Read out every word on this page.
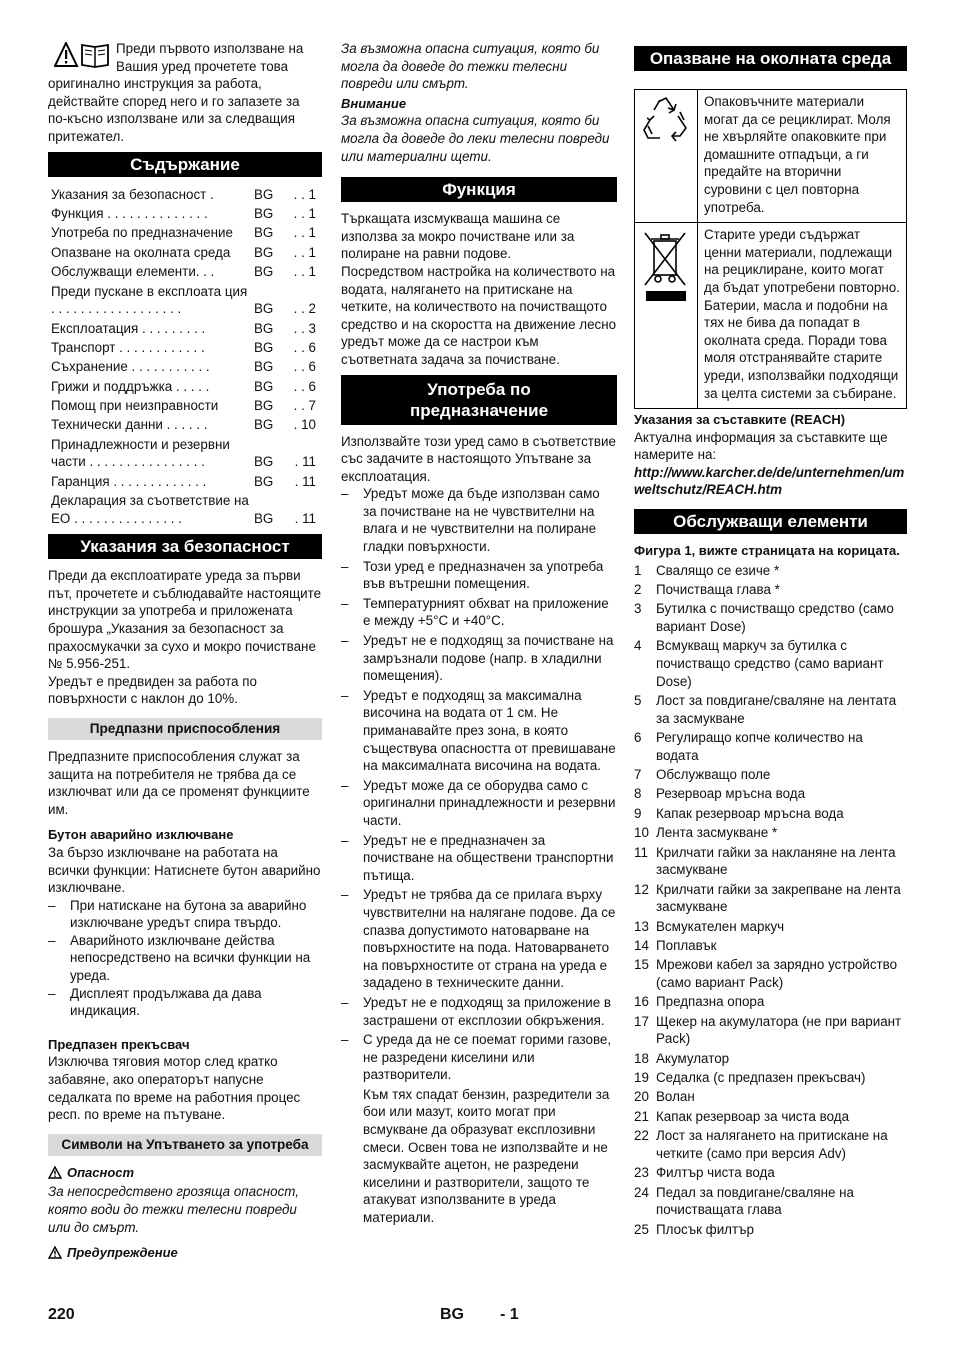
Преди първото използване на Вашия уред прочетете това оригинално инструкция за работа, действайте според него и го запазете за по-късно използване или за следващия притежател.

Съдържание
Указания за безопасност .	BG	. . 1
Функция . . . . . . . . . . . . . .	BG	. . 1
Употреба по предназначение	BG	. . 1
Опазване на околната среда	BG	. . 1
Обслужващи елементи. . .	BG	. . 1
Преди пускане в експлоата ция . . . . . . . . . . . . . . . . . .	BG	. . 2
Експлоатация . . . . . . . . .	BG	. . 3
Транспорт . . . . . . . . . . . .	BG	. . 6
Съхранение . . . . . . . . . . .	BG	. . 6
Грижи и поддръжка . . . . .	BG	. . 6
Помощ при неизправности	BG	. . 7
Технически данни . . . . . .	BG	. 10
Принадлежности и резервни части . . . . . . . . . . . . . . . .	BG	. 11
Гаранция . . . . . . . . . . . . .	BG	. 11
Декларация за съответствие на ЕО . . . . . . . . . . . . . . .	BG	. 11
Указания за безопасност

Преди да експлоатирате уреда за първи път, прочетете и съблюдавайте настоящите инструкции за употреба и приложената брошура „Указания за безопасност за прахосмукачки за сухо и мокро почистване № 5.956-251.

Уредът е предвиден за работа по повърхности с наклон до 10%.

Предпазни приспособления

Предпазните приспособления служат за защита на потребителя не трябва да се изключват или да се променят функциите им.

Бутон аварийно изключване

За бързо изключване на работата на всички функции: Натиснете бутон аварийно изключване.

– При натискане на бутона за аварийно изключване уредът спира твърдо.
– Аварийното изключване действа непосредствено на всички функции на уреда.
– Дисплеят продължава да дава индикация.
Предпазен прекъсвач

Изключва тяговия мотор след кратко забавяне, ако операторът напусне седалката по време на работния процес респ. по време на пътуване.

Символи на Упътването за употреба
Опасност

За непосредствено грозяща опасност, която води до тежки телесни повреди или до смърт.

Предупреждение

За възможна опасна ситуация, която би могла да доведе до тежки телесни повреди или смърт.

Внимание

За възможна опасна ситуация, която би могла да доведе до леки телесни повреди или материални щети.

Функция

Търкащата изсмукваща машина се използва за мокро почистване или за полиране на равни подове.

Посредством настройка на количеството на водата, налягането на притискане на четките, на количеството на почистващото средство и на скоростта на движение лесно уредът може да се настрои към съответната задача за почистване.

Употреба по предназначение

Използвайте този уред само в съответствие със задачите в настоящото Упътване за експлоатация.

– Уредът може да бъде използван само за почистване на не чувствителни на влага и не чувствителни на полиране гладки повърхности.
– Този уред е предназначен за употреба във вътрешни помещения.
– Температурният обхват на приложение е между +5°C и +40°C.
– Уредът не е подходящ за почистване на замръзнали подове (напр. в хладилни помещения).
– Уредът е подходящ за максимална височина на водата от 1 см. Не приманавайте през зона, в която съществува опасността от превишаване на максималната височина на водата.
– Уредът може да се оборудва само с оригинални принадлежности и резервни части.
– Уредът не е предназначен за почистване на обществени транспортни пътища.
– Уредът не трябва да се прилага върху чувствителни на налягане подове. Да се спазва допустимото натоварване на повърхностите на пода. Натоварването на повърхностите от страна на уреда е зададено в техническите данни.
– Уредът не е подходящ за приложение в застрашени от експлозии обкръжения.
– С уреда да не се поемат горими газове, не разредени киселини или разтворители.

Към тях спадат бензин, разредители за бои или мазут, които могат при всмукване да образуват експлозивни смеси. Освен това не използвайте и не засмуквайте ацетон, не разредени киселини и разтворители, защото те атакуват използваните в уреда материали.

Опазване на околната среда
	Опаковъчните материали могат да се рециклират. Моля не хвърляйте опаковките при домашните отпадъци, а ги предайте на вторични суровини с цел повторна употреба.
	Старите уреди съдържат ценни материали, подлежащи на рециклиране, които могат да бъдат употребени повторно. Батерии, масла и подобни на тях не бива да попадат в околната среда. Поради това моля отстранявайте старите уреди, използвайки подходящи за целта системи за събиране.
Указания за съставките (REACH)

Актуална информация за съставките ще намерите на:

http://www.karcher.de/de/unternehmen/umweltschutz/REACH.htm
Обслужващи елементи
Фигура 1, вижте страницата на корицата.
1 Свалящо се езиче *
2 Почистваща глава *
3 Бутилка с почистващо средство (само вариант Dose)
4 Всмукващ маркуч за бутилка с почистващо средство (само вариант Dose)
5 Лост за повдигане/сваляне на лентата за засмукване
6 Регулиращо копче количество на водата
7 Обслужващо поле
8 Резервоар мръсна вода
9 Капак резервоар мръсна вода
10 Лента засмукване *
11 Крилчати гайки за накланяне на лента засмукване
12 Крилчати гайки за закрепване на лента засмукване
13 Всмукателен маркуч
14 Поплавък
15 Мрежови кабел за зарядно устройство (само вариант Pack)
16 Предпазна опора
17 Щекер на акумулатора (не при вариант Pack)
18 Акумулатор
19 Седалка (с предпазен прекъсвач)
20 Волан
21 Капак резервоар за чиста вода
22 Лост за налягането на притискане на четките (само при версия Adv)
23 Филтър чиста вода
24 Педал за повдигане/сваляне на почистващата глава
25 Плосък филтър
220	BG - 1
